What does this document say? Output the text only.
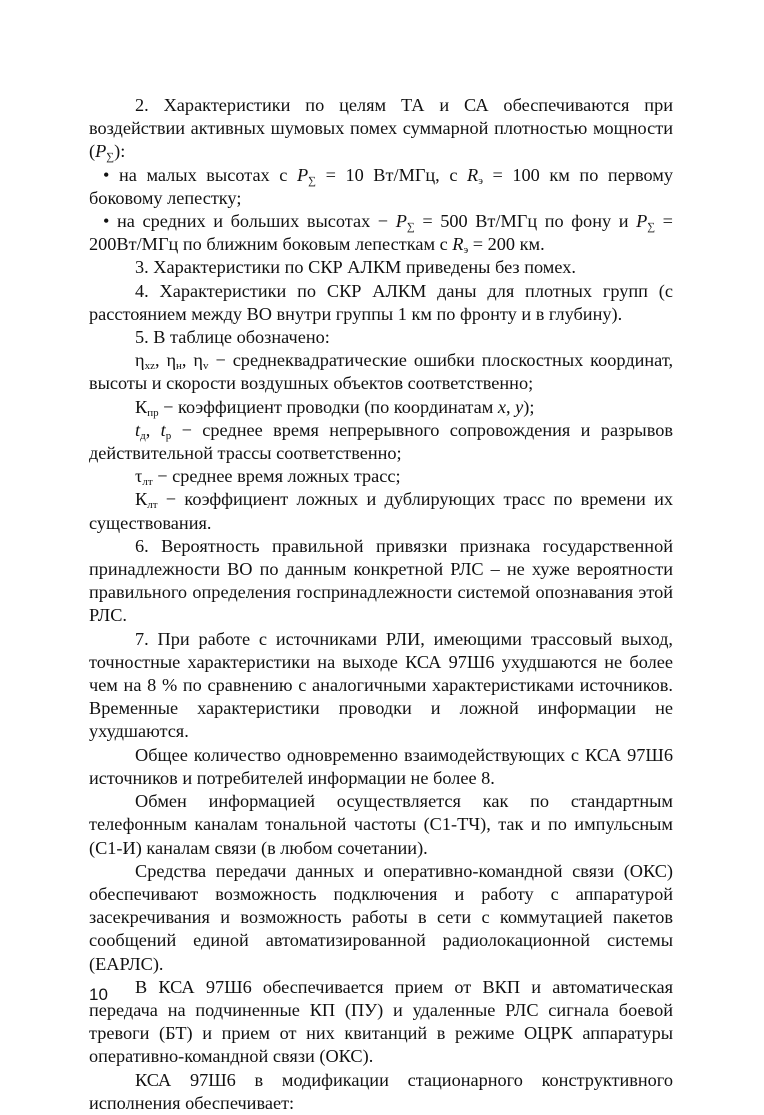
2. Характеристики по целям ТА и СА обеспечиваются при воздействии активных шумовых помех суммарной плотностью мощности $(P_\sum)$:

• на малых высотах с $P_\sum = 10$ Вт/МГц, с $R_э = 100$ км по первому боковому лепестку;

• на средних и больших высотах − $P_\sum = 500$ Вт/МГц по фону и $P_\sum = 200Вт/МГц$ по ближним боковым лепесткам с $R_э = 200$ км.

3. Характеристики по СКР АЛКМ приведены без помех.

4. Характеристики по СКР АЛКМ даны для плотных групп (с расстоянием между ВО внутри группы 1 км по фронту и в глубину).

5. В таблице обозначено:

$\eta_{xz}$, $\eta_н$, $\eta_v$ − среднеквадратические ошибки плоскостных координат, высоты и скорости воздушных объектов соответственно;

$К_{пр}$ − коэффициент проводки (по координатам x, y);

$t_д$, $t_р$ − среднее время непрерывного сопровождения и разрывов действительной трассы соответственно;

$\tau_{лт}$ − среднее время ложных трасс;

$К_{лт}$ − коэффициент ложных и дублирующих трасс по времени их существования.

6. Вероятность правильной привязки признака государственной принадлежности ВО по данным конкретной РЛС – не хуже вероятности правильного определения госпринадлежности системой опознавания этой РЛС.

7. При работе с источниками РЛИ, имеющими трассовый выход, точностные характеристики на выходе КСА 97Ш6 ухудшаются не более чем на 8 % по сравнению с аналогичными характеристиками источников. Временные характеристики проводки и ложной информации не ухудшаются.

Общее количество одновременно взаимодействующих с КСА 97Ш6 источников и потребителей информации не более 8.

Обмен информацией осуществляется как по стандартным телефонным каналам тональной частоты (С1-ТЧ), так и по импульсным (С1-И) каналам связи (в любом сочетании).

Средства передачи данных и оперативно-командной связи (ОКС) обеспечивают возможность подключения и работу с аппаратурой засекречивания и возможность работы в сети с коммутацией пакетов сообщений единой автоматизированной радиолокационной системы (ЕАРЛС).

В КСА 97Ш6 обеспечивается прием от ВКП и автоматическая передача на подчиненные КП (ПУ) и удаленные РЛС сигнала боевой тревоги (БТ) и прием от них квитанций в режиме ОЦРК аппаратуры оперативно-командной связи (ОКС).

КСА 97Ш6 в модификации стационарного конструктивного исполнения обеспечивает:

10
